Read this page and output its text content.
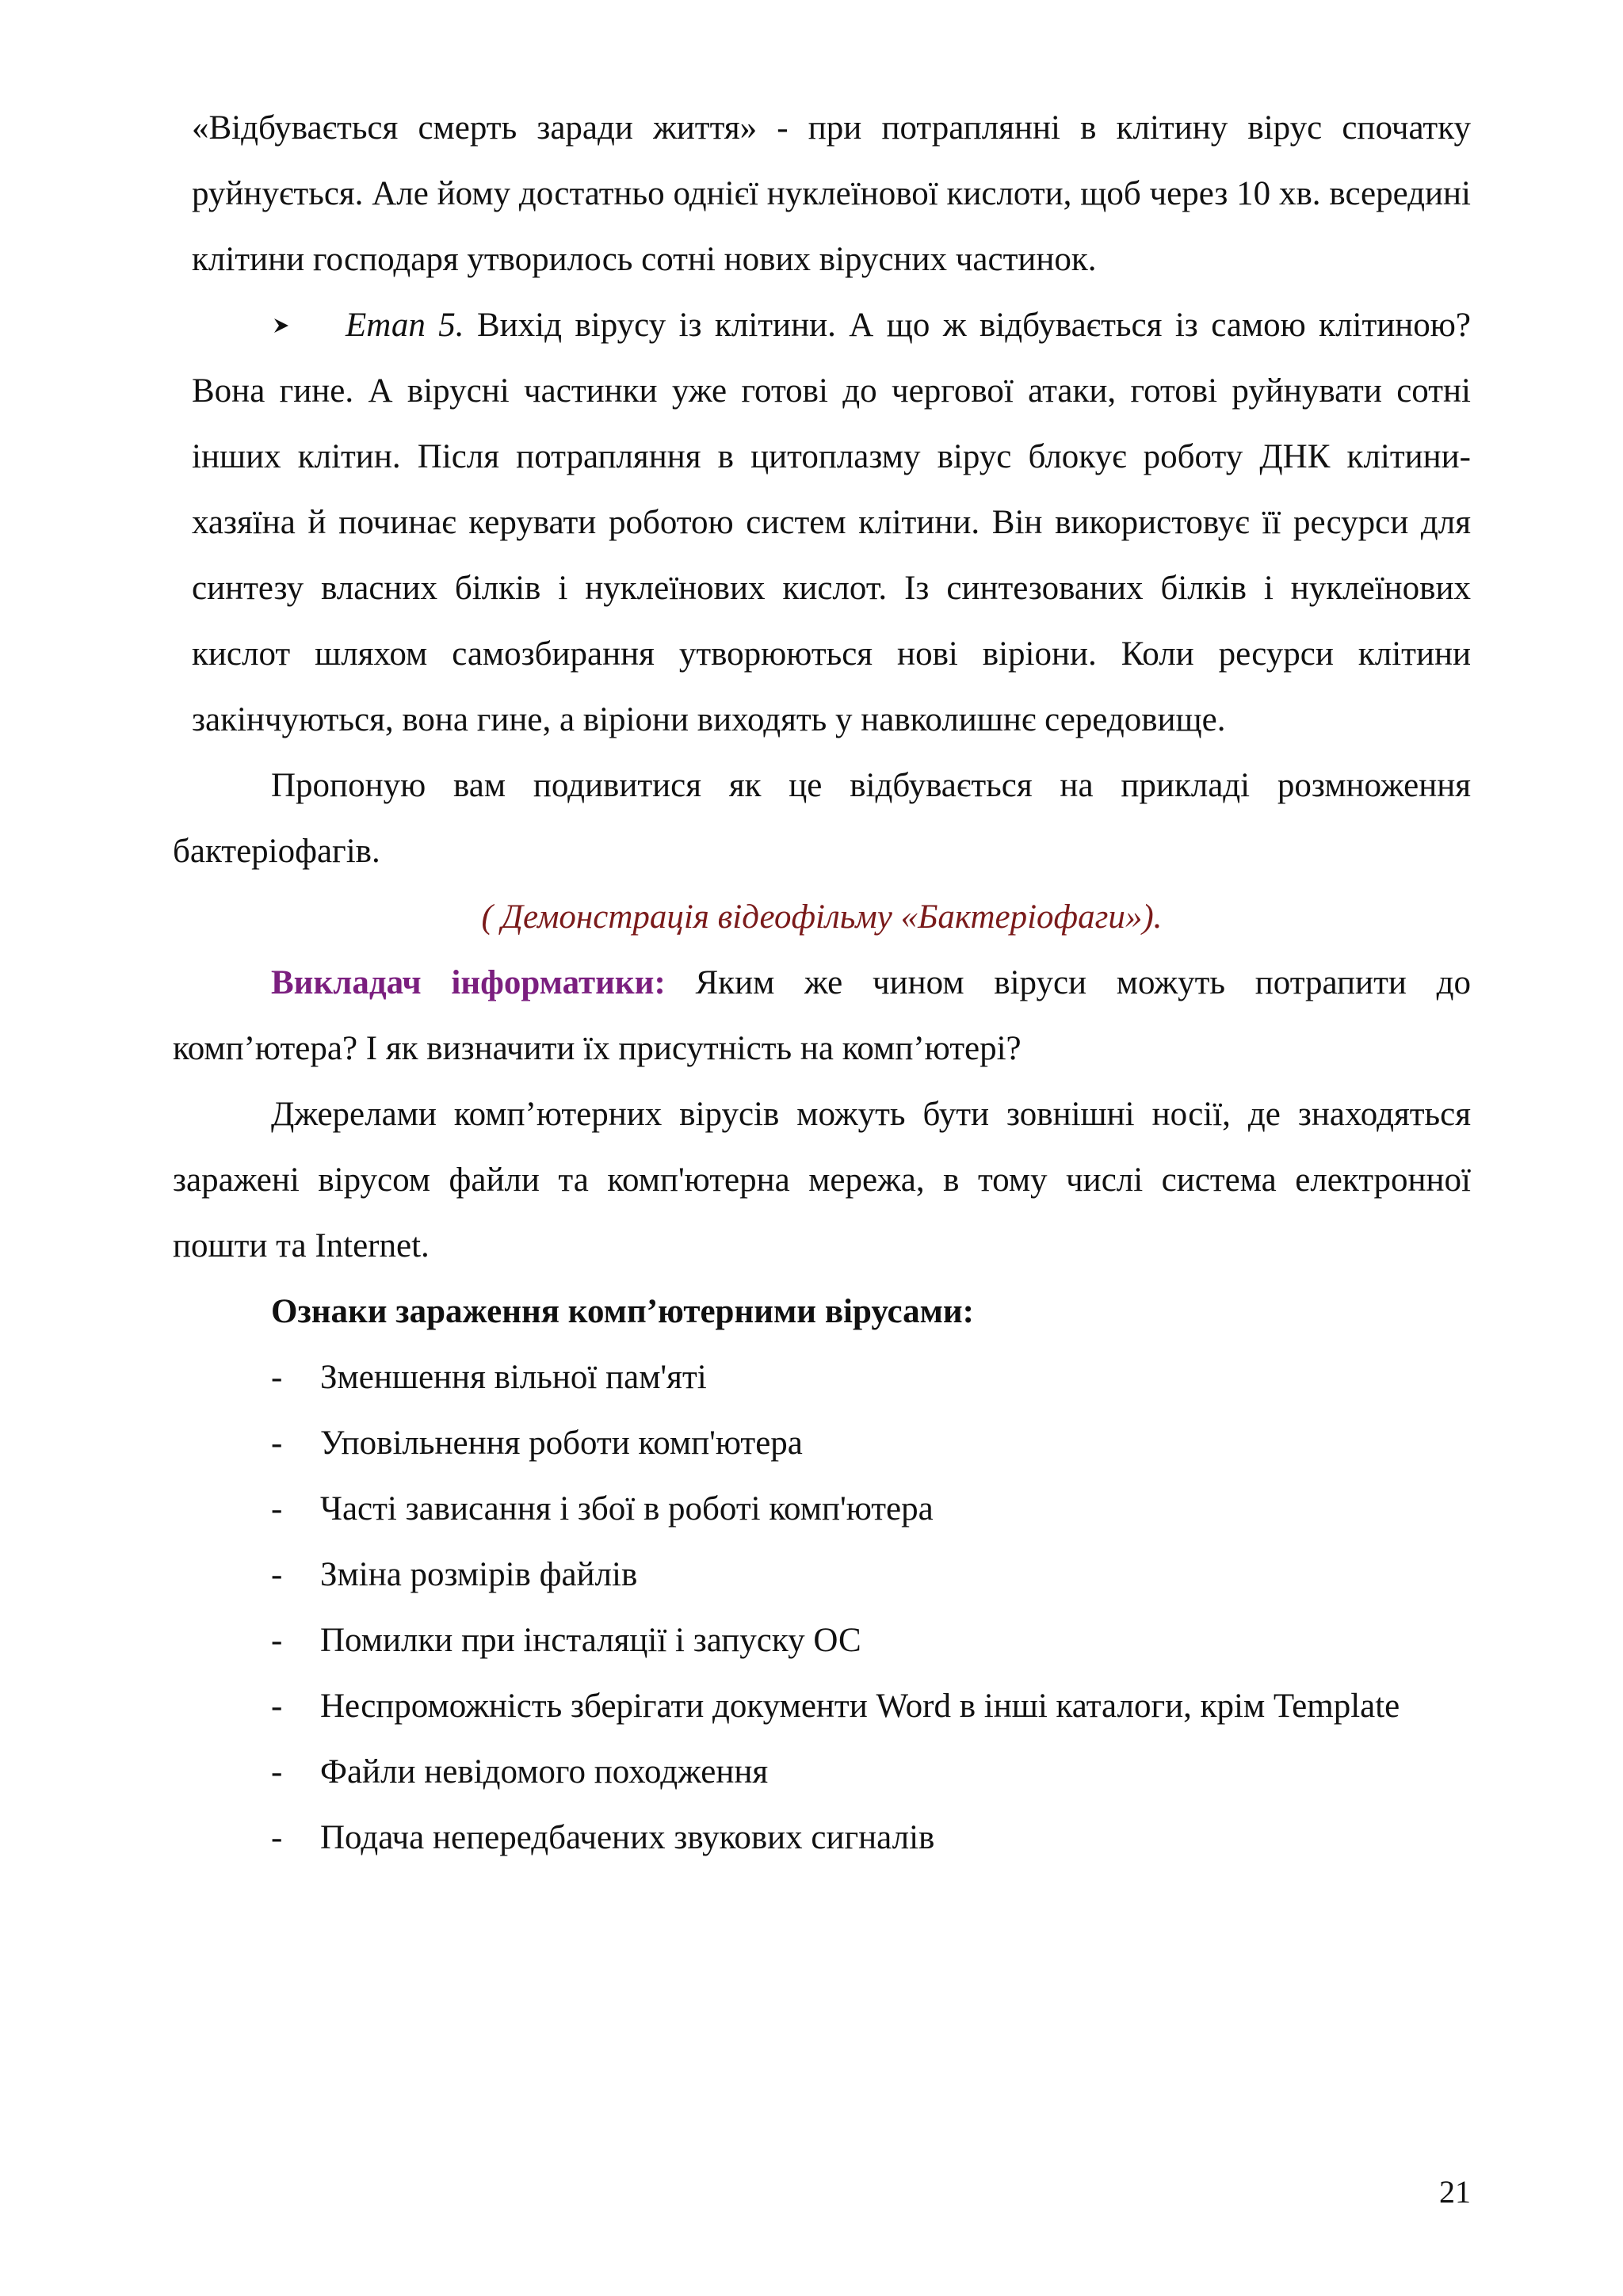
«Відбувається смерть заради життя» - при потраплянні в клітину вірус спочатку руйнується. Але йому достатньо однієї нуклеїнової кислоти, щоб через 10 хв. всередині клітини господаря утворилось сотні нових вірусних частинок.

Етап 5. Вихід вірусу із клітини. А що ж відбувається із самою клітиною? Вона гине. А вірусні частинки уже готові до чергової атаки, готові руйнувати сотні інших клітин. Після потрапляння в цитоплазму вірус блокує роботу ДНК клітини-хазяїна й починає керувати роботою систем клітини. Він використовує її ресурси для синтезу власних білків і нуклеїнових кислот. Із синтезованих білків і нуклеїнових кислот шляхом самозбирання утворюються нові віріони. Коли ресурси клітини закінчуються, вона гине, а віріони виходять у навколишнє середовище.

Пропоную вам подивитися як це відбувається на прикладі розмноження бактеріофагів.

( Демонстрація відеофільму «Бактеріофаги»).

Викладач інформатики: Яким же чином віруси можуть потрапити до комп’ютера? І як визначити їх присутність на комп’ютері?

Джерелами комп’ютерних вірусів можуть бути зовнішні носії, де знаходяться заражені вірусом файли та комп'ютерна мережа, в тому числі система електронної пошти та Internet.

Ознаки зараження комп’ютерними вірусами:

- Зменшення вільної пам'яті
- Уповільнення роботи комп'ютера
- Часті зависання і збої в роботі комп'ютера
- Зміна розмірів файлів
- Помилки при інсталяції і запуску ОС
- Неспроможність зберігати документи Word в інші каталоги, крім Template
- Файли невідомого походження
- Подача непередбачених звукових сигналів
21
